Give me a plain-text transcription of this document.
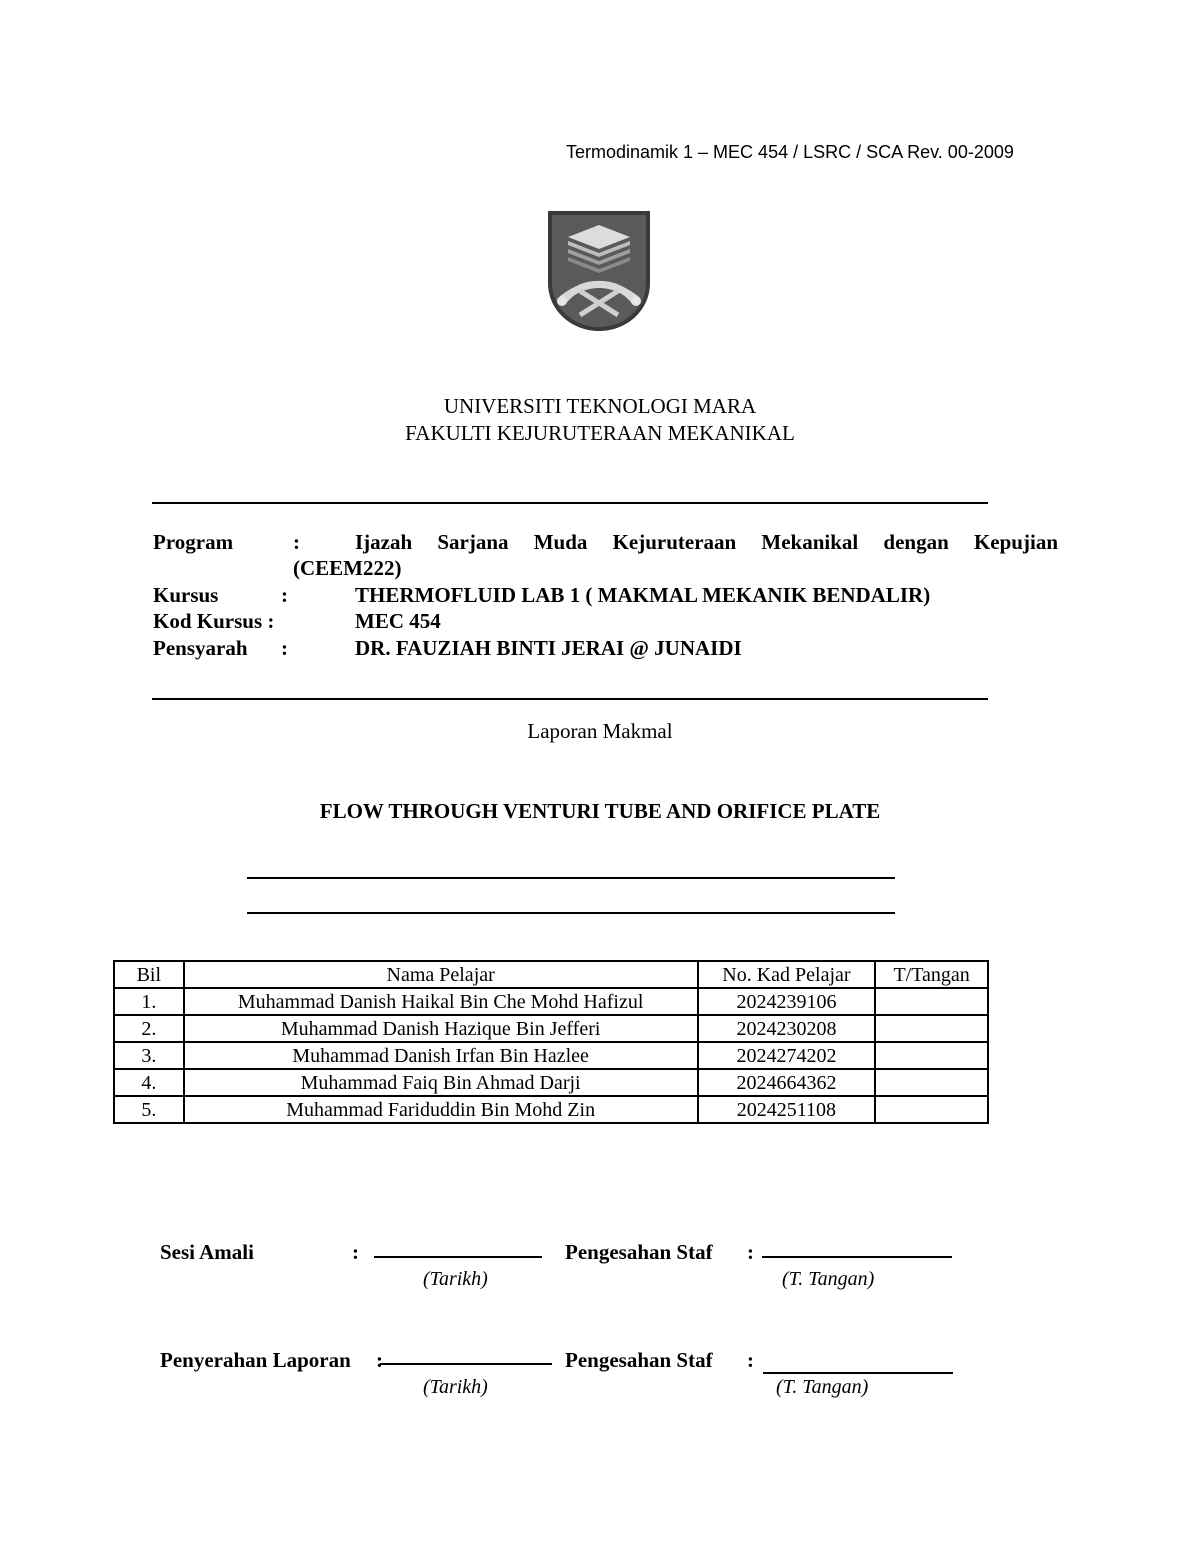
Termodinamik 1 – MEC 454 / LSRC / SCA Rev. 00-2009
UNIVERSITI TEKNOLOGI MARA
FAKULTI KEJURUTERAAN MEKANIKAL
Program	:	Ijazah Sarjana Muda Kejuruteraan Mekanikal dengan Kepujian
(CEEM222)
Kursus	:	THERMOFLUID LAB 1 ( MAKMAL MEKANIK BENDALIR)
Kod Kursus :	MEC 454
Pensyarah :	DR. FAUZIAH BINTI JERAI @ JUNAIDI
Laporan Makmal
FLOW THROUGH VENTURI TUBE AND ORIFICE PLATE
Bil	Nama Pelajar	No. Kad Pelajar	T/Tangan
1.	Muhammad Danish Haikal Bin Che Mohd Hafizul	2024239106	
2.	Muhammad Danish Hazique Bin Jefferi	2024230208	
3.	Muhammad Danish Irfan Bin Hazlee	2024274202	
4.	Muhammad Faiq Bin Ahmad Darji	2024664362	
5.	Muhammad Fariduddin Bin Mohd Zin	2024251108	
Sesi Amali	:	Pengesahan Staf :
(Tarikh)	(T. Tangan)
Penyerahan Laporan :	Pengesahan Staf :
(Tarikh)	(T. Tangan)
